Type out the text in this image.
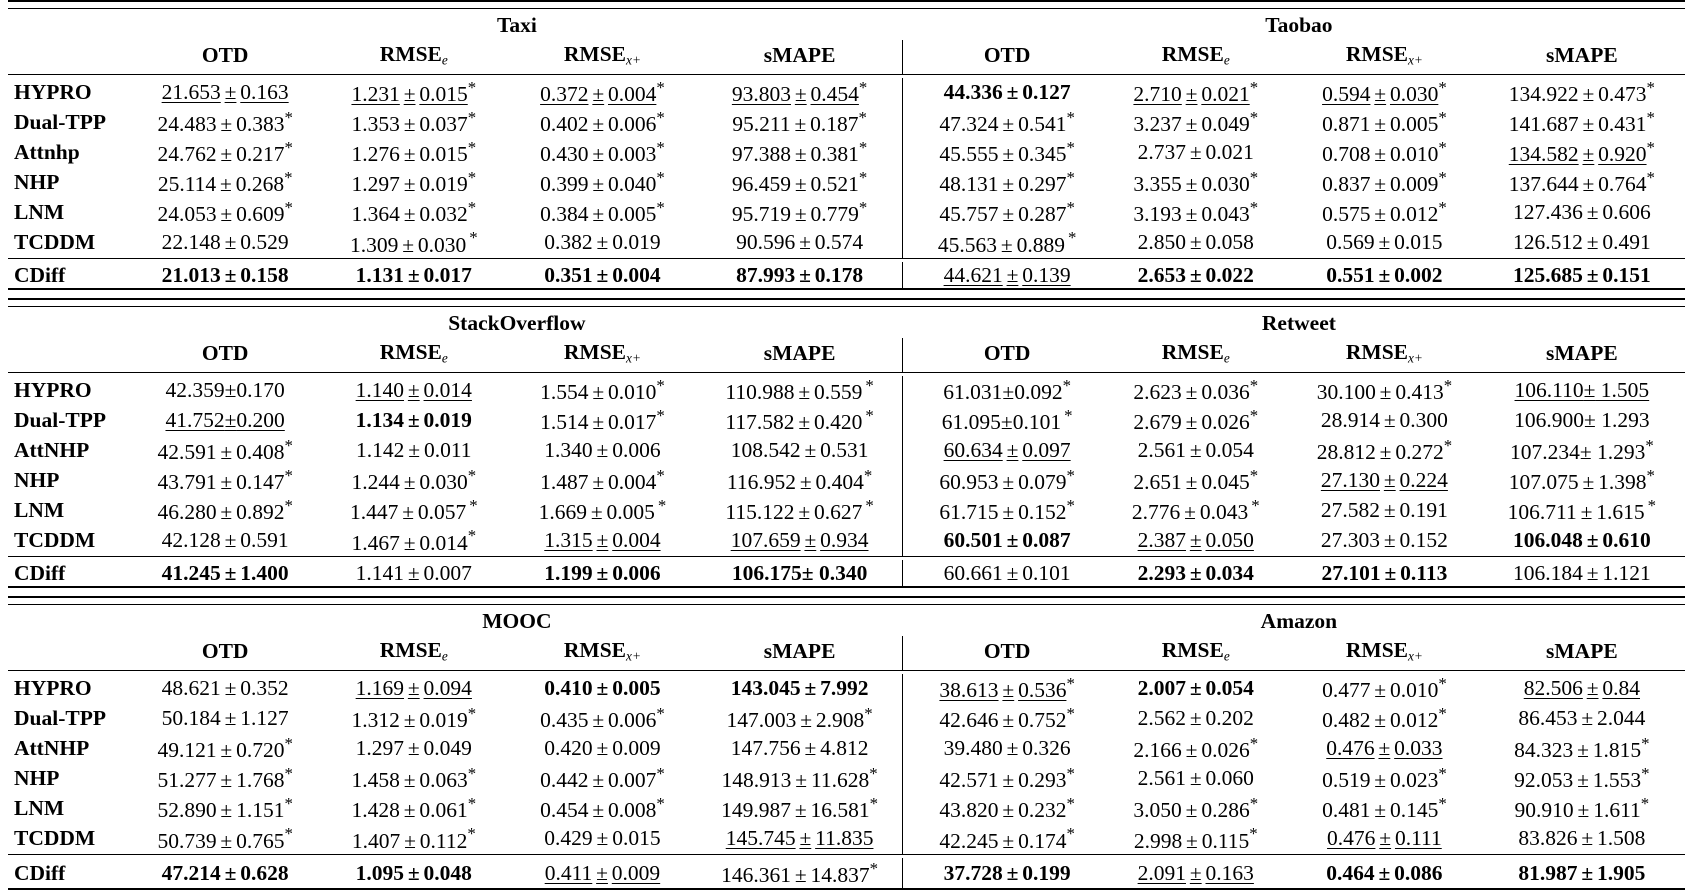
	Taxi					Taobao			
	OTD	$RMSE_e$	$RMSE_{x+}$	sMAPE		OTD	$RMSE_e$	$RMSE_{x+}$	sMAPE

HYPRO	21.653 ± 0.163	1.231 ± 0.015*	0.372 ± 0.004*	93.803 ± 0.454*		44.336 ± 0.127	2.710 ± 0.021*	0.594 ± 0.030*	134.922 ± 0.473*
Dual-TPP	24.483 ± 0.383*	1.353 ± 0.037*	0.402 ± 0.006*	95.211 ± 0.187*		47.324 ± 0.541*	3.237 ± 0.049*	0.871 ± 0.005*	141.687 ± 0.431*
Attnhp	24.762 ± 0.217*	1.276 ± 0.015*	0.430 ± 0.003*	97.388 ± 0.381*		45.555 ± 0.345*	2.737 ± 0.021	0.708 ± 0.010*	134.582 ± 0.920*
NHP	25.114 ± 0.268*	1.297 ± 0.019*	0.399 ± 0.040*	96.459 ± 0.521*		48.131 ± 0.297*	3.355 ± 0.030*	0.837 ± 0.009*	137.644 ± 0.764*
LNM	24.053 ± 0.609*	1.364 ± 0.032*	0.384 ± 0.005*	95.719 ± 0.779*		45.757 ± 0.287*	3.193 ± 0.043*	0.575 ± 0.012*	127.436 ± 0.606
TCDDM	22.148 ± 0.529	1.309 ± 0.030 *	0.382 ± 0.019	90.596 ± 0.574		45.563 ± 0.889 *	2.850 ± 0.058	0.569 ± 0.015	126.512 ± 0.491

CDiff	21.013 ± 0.158	1.131 ± 0.017	0.351 ± 0.004	87.993 ± 0.178		44.621 ± 0.139	2.653 ± 0.022	0.551 ± 0.002	125.685 ± 0.151

	StackOverflow					Retweet			
	OTD	$RMSE_e$	$RMSE_{x+}$	sMAPE		OTD	$RMSE_e$	$RMSE_{x+}$	sMAPE

HYPRO	42.359±0.170	1.140 ± 0.014	1.554 ± 0.010*	110.988 ± 0.559 *		61.031±0.092*	2.623 ± 0.036*	30.100 ± 0.413*	106.110± 1.505
Dual-TPP	41.752±0.200	1.134 ± 0.019	1.514 ± 0.017*	117.582 ± 0.420 *		61.095±0.101 *	2.679 ± 0.026*	28.914 ± 0.300	106.900± 1.293
AttNHP	42.591 ± 0.408*	1.142 ± 0.011	1.340 ± 0.006	108.542 ± 0.531		60.634 ± 0.097	2.561 ± 0.054	28.812 ± 0.272*	107.234± 1.293*
NHP	43.791 ± 0.147*	1.244 ± 0.030*	1.487 ± 0.004*	116.952 ± 0.404*		60.953 ± 0.079*	2.651 ± 0.045*	27.130 ± 0.224	107.075 ± 1.398*
LNM	46.280 ± 0.892*	1.447 ± 0.057 *	1.669 ± 0.005 *	115.122 ± 0.627 *		61.715 ± 0.152*	2.776 ± 0.043 *	27.582 ± 0.191	106.711 ± 1.615 *
TCDDM	42.128 ± 0.591	1.467 ± 0.014*	1.315 ± 0.004	107.659 ± 0.934		60.501 ± 0.087	2.387 ± 0.050	27.303 ± 0.152	106.048 ± 0.610

CDiff	41.245 ± 1.400	1.141 ± 0.007	1.199 ± 0.006	106.175± 0.340		60.661 ± 0.101	2.293 ± 0.034	27.101 ± 0.113	106.184 ± 1.121

	MOOC					Amazon			
	OTD	$RMSE_e$	$RMSE_{x+}$	sMAPE		OTD	$RMSE_e$	$RMSE_{x+}$	sMAPE

HYPRO	48.621 ± 0.352	1.169 ± 0.094	0.410 ± 0.005	143.045 ± 7.992		38.613 ± 0.536*	2.007 ± 0.054	0.477 ± 0.010*	82.506 ± 0.84
Dual-TPP	50.184 ± 1.127	1.312 ± 0.019*	0.435 ± 0.006*	147.003 ± 2.908*		42.646 ± 0.752*	2.562 ± 0.202	0.482 ± 0.012*	86.453 ± 2.044
AttNHP	49.121 ± 0.720*	1.297 ± 0.049	0.420 ± 0.009	147.756 ± 4.812		39.480 ± 0.326	2.166 ± 0.026*	0.476 ± 0.033	84.323 ± 1.815*
NHP	51.277 ± 1.768*	1.458 ± 0.063*	0.442 ± 0.007*	148.913 ± 11.628*		42.571 ± 0.293*	2.561 ± 0.060	0.519 ± 0.023*	92.053 ± 1.553*
LNM	52.890 ± 1.151*	1.428 ± 0.061*	0.454 ± 0.008*	149.987 ± 16.581*		43.820 ± 0.232*	3.050 ± 0.286*	0.481 ± 0.145*	90.910 ± 1.611*
TCDDM	50.739 ± 0.765*	1.407 ± 0.112*	0.429 ± 0.015	145.745 ± 11.835		42.245 ± 0.174*	2.998 ± 0.115*	0.476 ± 0.111	83.826 ± 1.508

CDiff	47.214 ± 0.628	1.095 ± 0.048	0.411 ± 0.009	146.361 ± 14.837*		37.728 ± 0.199	2.091 ± 0.163	0.464 ± 0.086	81.987 ± 1.905
